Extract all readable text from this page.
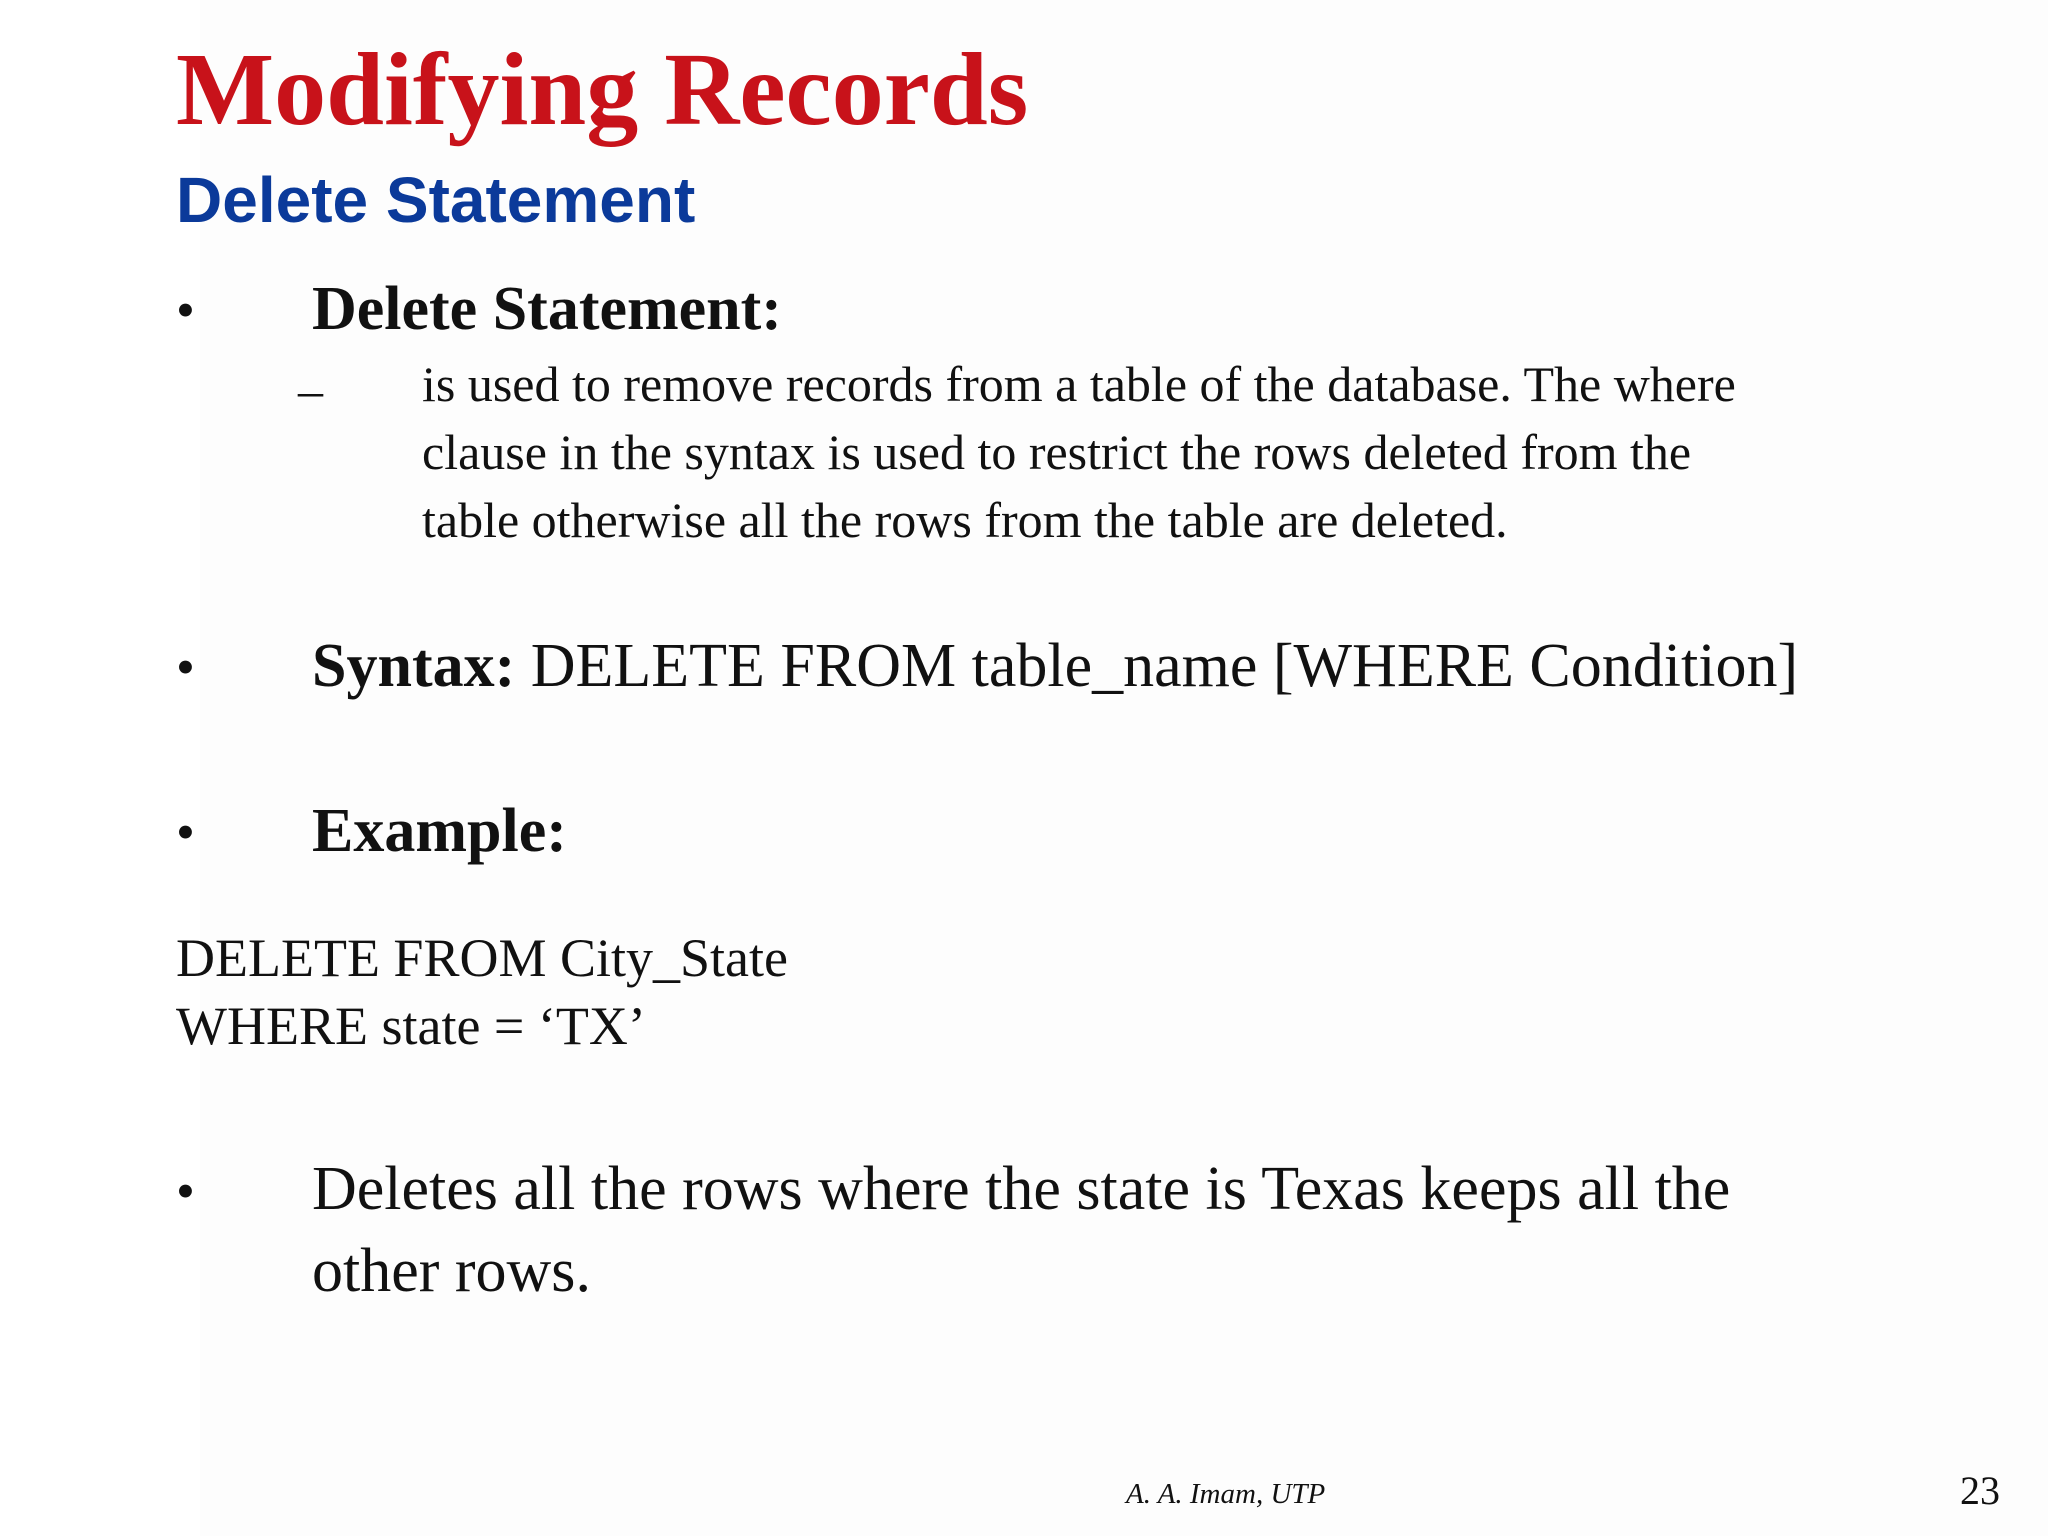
Modifying Records
Delete Statement
• Delete Statement:
– is used to remove records from a table of the database. The where
clause in the syntax is used to restrict the rows deleted from the
table otherwise all the rows from the table are deleted.
• Syntax: DELETE FROM table_name [WHERE Condition]
• Example:
DELETE FROM City_State
WHERE state = ‘TX’
• Deletes all the rows where the state is Texas keeps all the
other rows.
A. A. Imam, UTP	23
